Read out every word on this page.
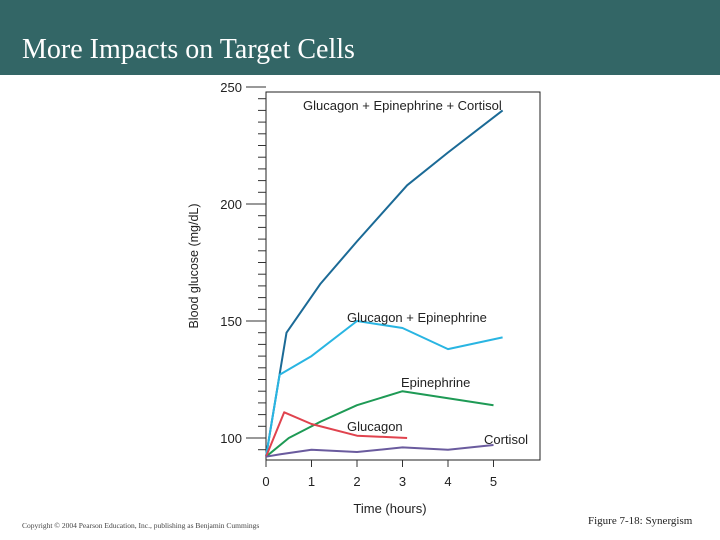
More Impacts on Target Cells
100
150
200
250
0	1	2	3	4	5
Time (hours)
Blood glucose (mg/dL)
Glucagon + Epinephrine + Cortisol
Glucagon + Epinephrine
Epinephrine
Glucagon
Cortisol
Copyright © 2004 Pearson Education, Inc., publishing as Benjamin Cummings	Figure 7-18: Synergism
